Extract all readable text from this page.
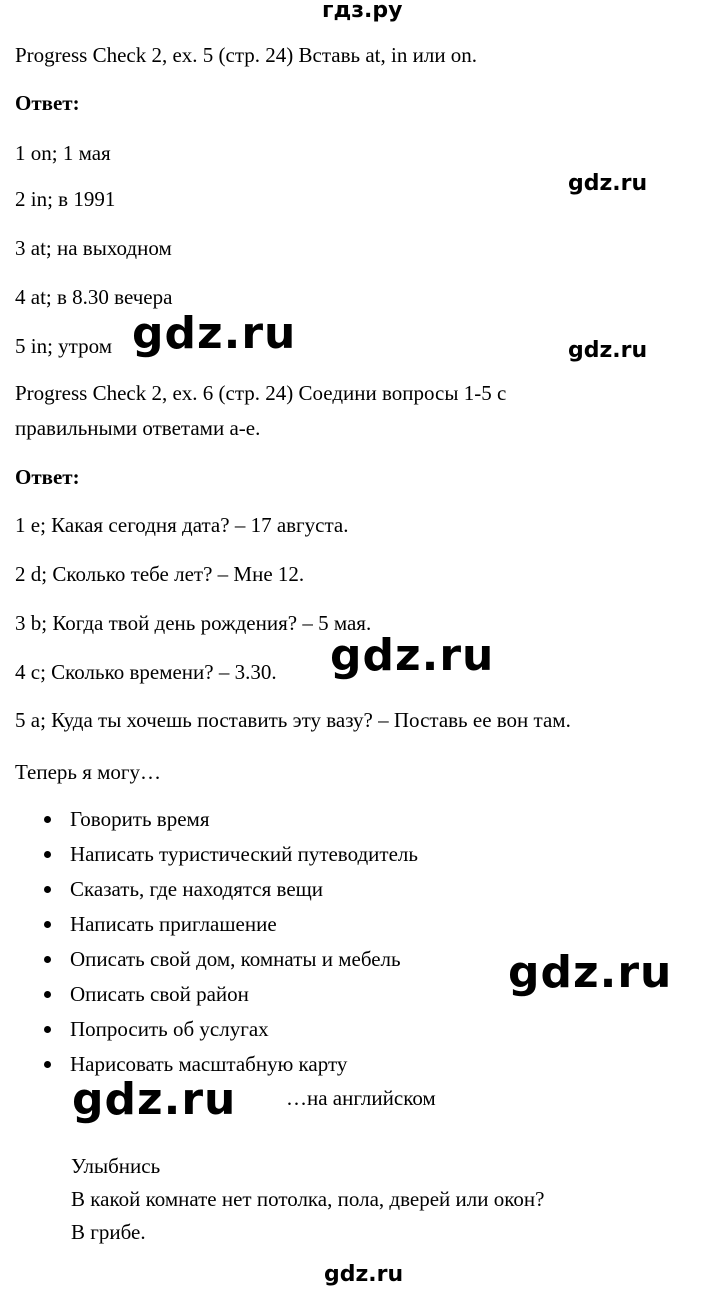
гдз.ру
Progress Check 2, ex. 5 (стр. 24) Вставь at, in или on.
Ответ:
1 on; 1 мая
2 in; в 1991
3 at; на выходном
4 at; в 8.30 вечера
5 in; утром
Progress Check 2, ex. 6 (стр. 24) Соедини вопросы 1-5 с
правильными ответами a-e.
Ответ:
1 e; Какая сегодня дата? – 17 августа.
2 d; Сколько тебе лет? – Мне 12.
3 b; Когда твой день рождения? – 5 мая.
4 c; Сколько времени? – 3.30.
5 a; Куда ты хочешь поставить эту вазу? – Поставь ее вон там.
Теперь я могу…
Говорить время
Написать туристический путеводитель
Сказать, где находятся вещи
Написать приглашение
Описать свой дом, комнаты и мебель
Описать свой район
Попросить об услугах
Нарисовать масштабную карту
…на английском
Улыбнись
В какой комнате нет потолка, пола, дверей или окон?
В грибе.
gdz.ru
gdz.ru	gdz.ru
gdz.ru
gdz.ru
gdz.ru
gdz.ru
